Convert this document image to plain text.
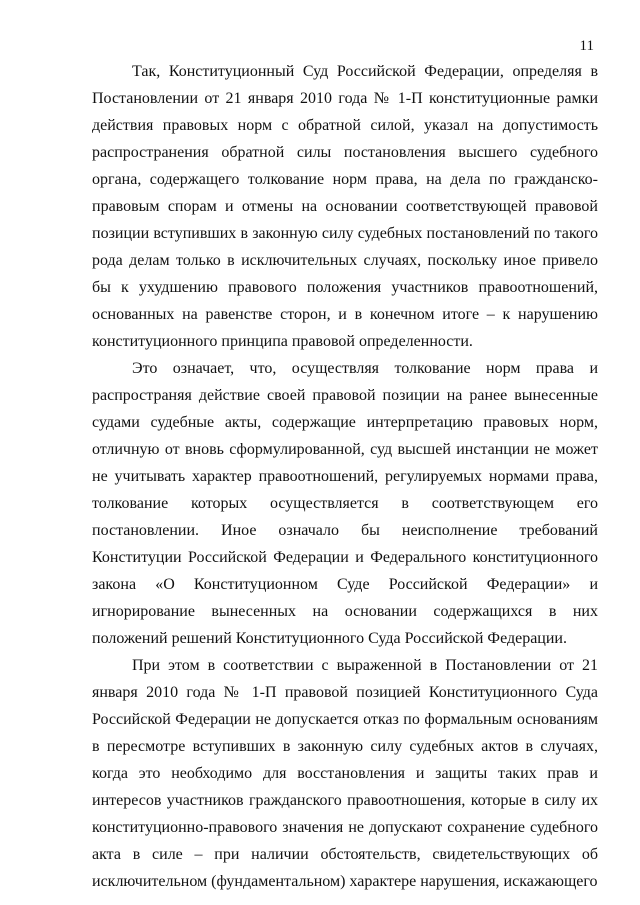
11

Так, Конституционный Суд Российской Федерации, определяя в Постановлении от 21 января 2010 года № 1-П конституционные рамки действия правовых норм с обратной силой, указал на допустимость распространения обратной силы постановления высшего судебного органа, содержащего толкование норм права, на дела по гражданско-правовым спорам и отмены на основании соответствующей правовой позиции вступивших в законную силу судебных постановлений по такого рода делам только в исключительных случаях, поскольку иное привело бы к ухудшению правового положения участников правоотношений, основанных на равенстве сторон, и в конечном итоге – к нарушению конституционного принципа правовой определенности.

Это означает, что, осуществляя толкование норм права и распространяя действие своей правовой позиции на ранее вынесенные судами судебные акты, содержащие интерпретацию правовых норм, отличную от вновь сформулированной, суд высшей инстанции не может не учитывать характер правоотношений, регулируемых нормами права, толкование которых осуществляется в соответствующем его постановлении. Иное означало бы неисполнение требований Конституции Российской Федерации и Федерального конституционного закона «О Конституционном Суде Российской Федерации» и игнорирование вынесенных на основании содержащихся в них положений решений Конституционного Суда Российской Федерации.

При этом в соответствии с выраженной в Постановлении от 21 января 2010 года № 1-П правовой позицией Конституционного Суда Российской Федерации не допускается отказ по формальным основаниям в пересмотре вступивших в законную силу судебных актов в случаях, когда это необходимо для восстановления и защиты таких прав и интересов участников гражданского правоотношения, которые в силу их конституционно-правового значения не допускают сохранение судебного акта в силе – при наличии обстоятельств, свидетельствующих об исключительном (фундаментальном) характере нарушения, искажающего
